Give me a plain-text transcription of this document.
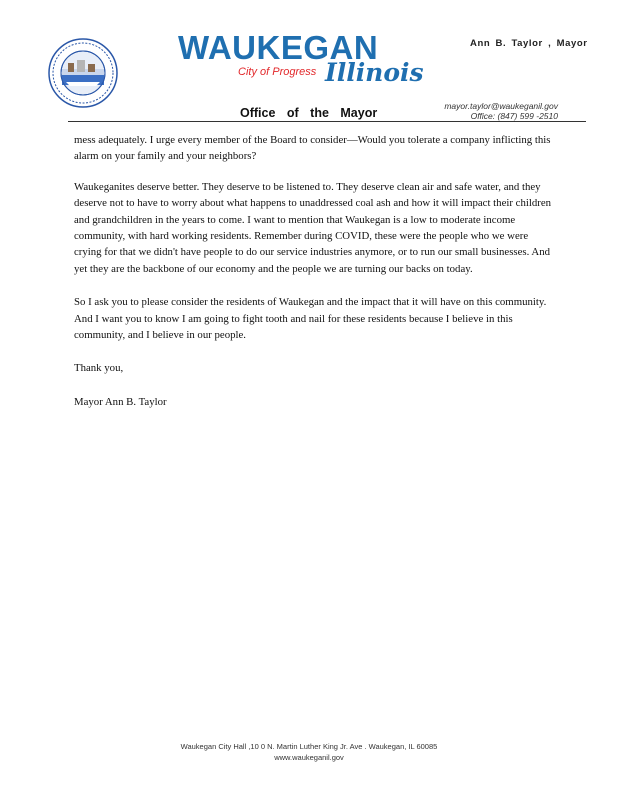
WAUKEGAN
City of Progress Illinois
Ann B. Taylor , Mayor
Office of the Mayor	mayor.taylor@waukeganil.gov
Office: (847) 599 -2510

mess adequately. I urge every member of the Board to consider—Would you tolerate a company inflicting this alarm on your family and your neighbors?

Waukeganites deserve better. They deserve to be listened to. They deserve clean air and safe water, and they deserve not to have to worry about what happens to unaddressed coal ash and how it will impact their children and grandchildren in the years to come. I want to mention that Waukegan is a low to moderate income community, with hard working residents. Remember during COVID, these were the people who we were crying for that we didn't have people to do our service industries anymore, or to run our small businesses. And yet they are the backbone of our economy and the people we are turning our backs on today.

So I ask you to please consider the residents of Waukegan and the impact that it will have on this community. And I want you to know I am going to fight tooth and nail for these residents because I believe in this community, and I believe in our people.

Thank you,

Mayor Ann B. Taylor

Waukegan City Hall ,10 0 N. Martin Luther King Jr. Ave . Waukegan, IL 60085
www.waukeganil.gov
